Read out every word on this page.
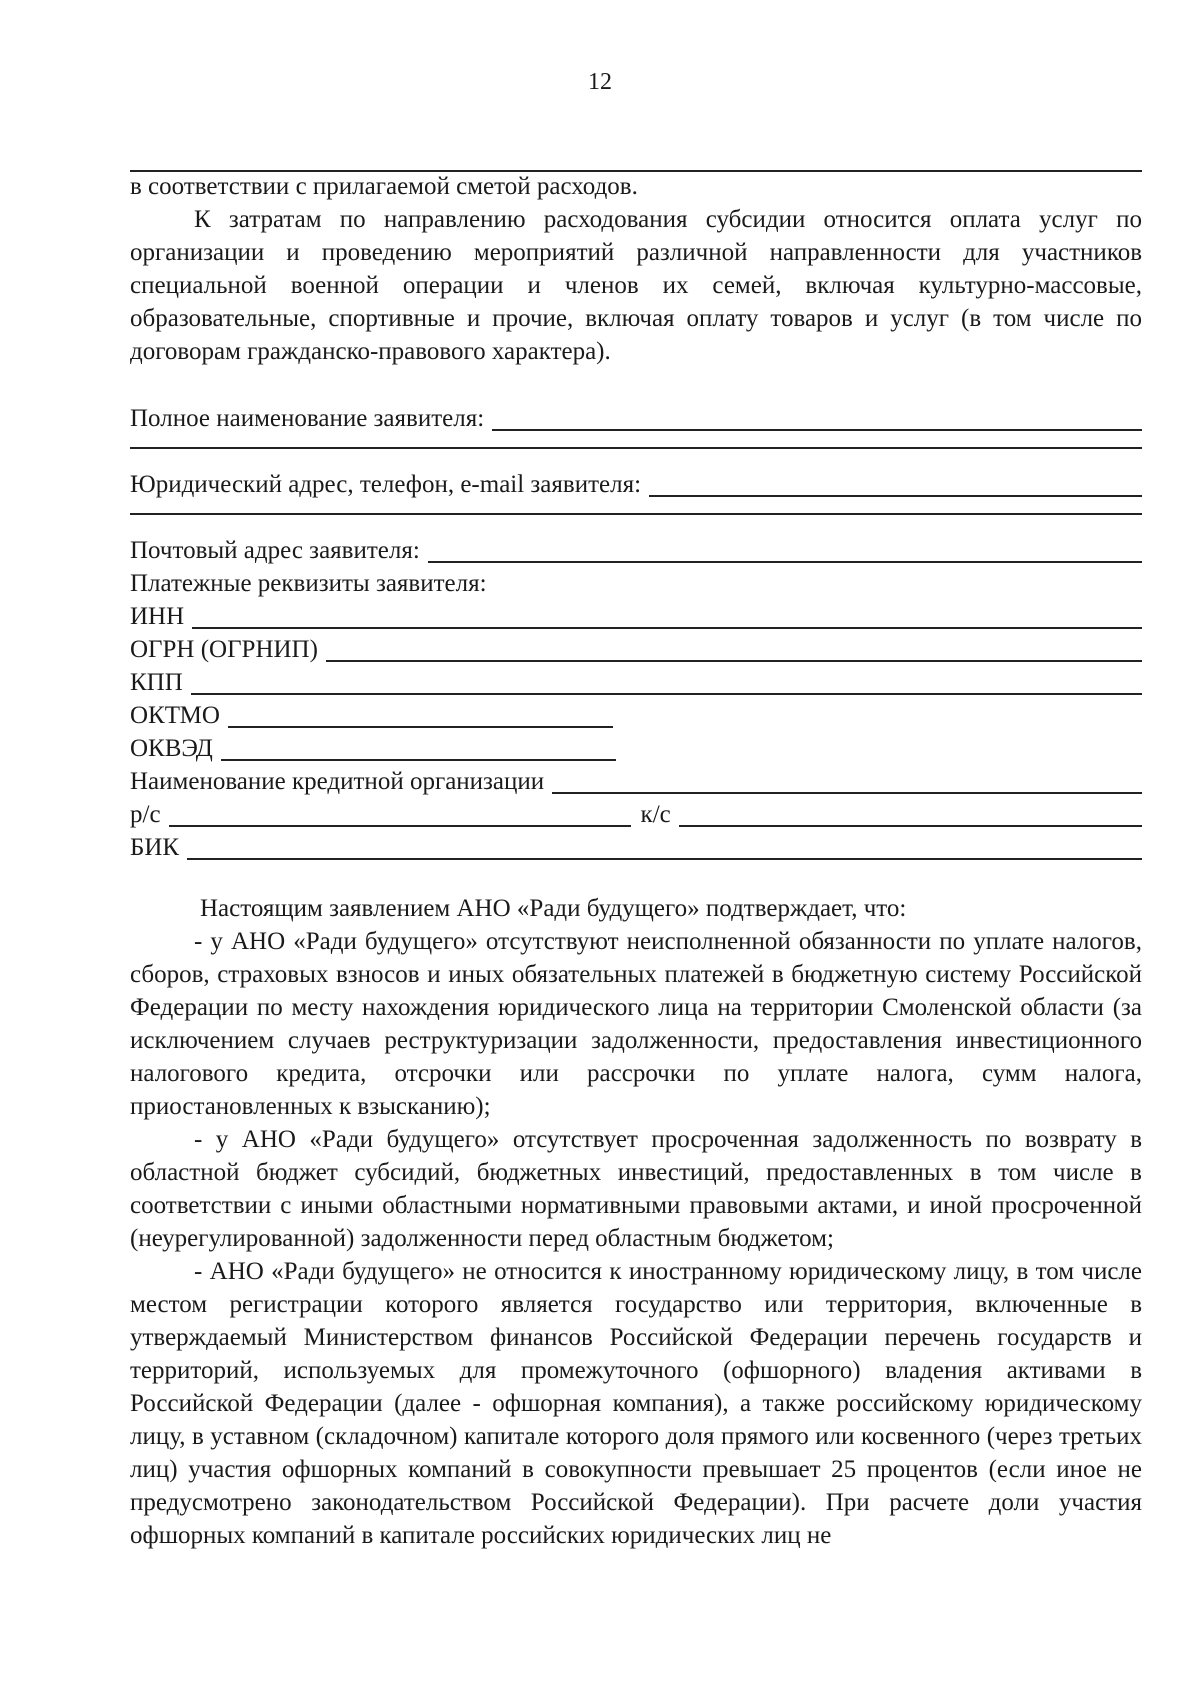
12

в соответствии с прилагаемой сметой расходов.

К затратам по направлению расходования субсидии относится оплата услуг по организации и проведению мероприятий различной направленности для участников специальной военной операции и членов их семей, включая культурно-массовые, образовательные, спортивные и прочие, включая оплату товаров и услуг (в том числе по договорам гражданско-правового характера).

Полное наименование заявителя:
Юридический адрес, телефон, e-mail заявителя:
Почтовый адрес заявителя:
Платежные реквизиты заявителя:
ИНН
ОГРН (ОГРНИП)
КПП
ОКТМО
ОКВЭД
Наименование кредитной организации
р/с	к/с
БИК

Настоящим заявлением АНО «Ради будущего» подтверждает, что:

- у АНО «Ради будущего» отсутствуют неисполненной обязанности по уплате налогов, сборов, страховых взносов и иных обязательных платежей в бюджетную систему Российской Федерации по месту нахождения юридического лица на территории Смоленской области (за исключением случаев реструктуризации задолженности, предоставления инвестиционного налогового кредита, отсрочки или рассрочки по уплате налога, сумм налога, приостановленных к взысканию);

- у АНО «Ради будущего» отсутствует просроченная задолженность по возврату в областной бюджет субсидий, бюджетных инвестиций, предоставленных в том числе в соответствии с иными областными нормативными правовыми актами, и иной просроченной (неурегулированной) задолженности перед областным бюджетом;

- АНО «Ради будущего» не относится к иностранному юридическому лицу, в том числе местом регистрации которого является государство или территория, включенные в утверждаемый Министерством финансов Российской Федерации перечень государств и территорий, используемых для промежуточного (офшорного) владения активами в Российской Федерации (далее - офшорная компания), а также российскому юридическому лицу, в уставном (складочном) капитале которого доля прямого или косвенного (через третьих лиц) участия офшорных компаний в совокупности превышает 25 процентов (если иное не предусмотрено законодательством Российской Федерации). При расчете доли участия офшорных компаний в капитале российских юридических лиц не
